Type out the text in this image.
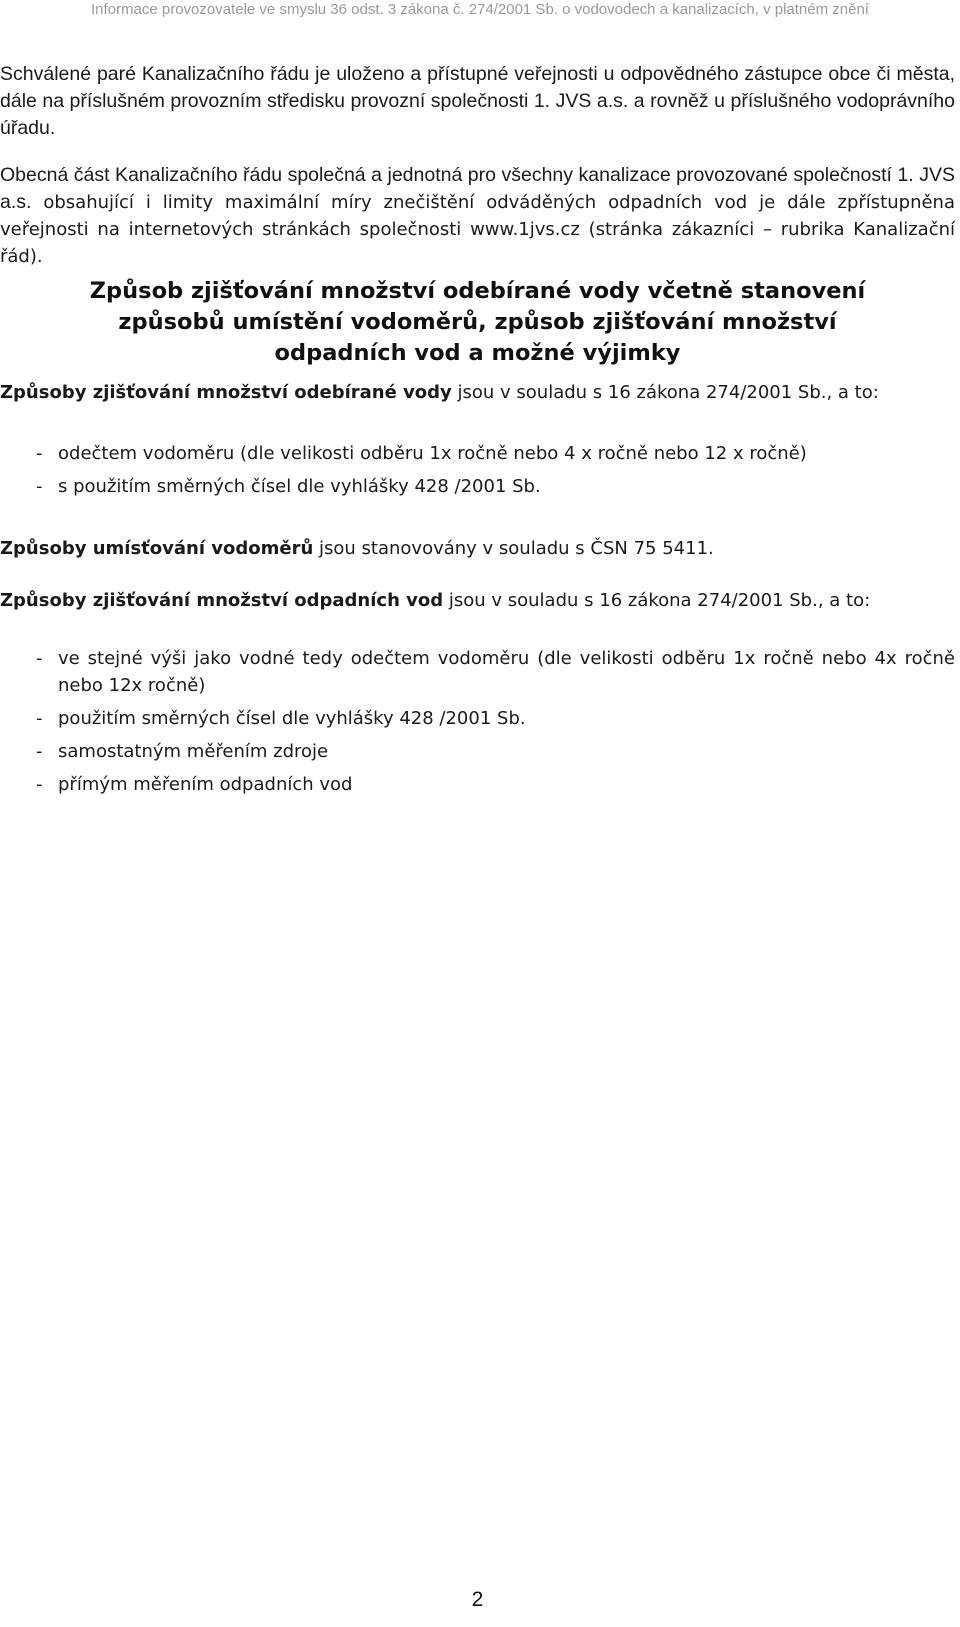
Informace provozovatele ve smyslu 36 odst. 3 zákona č. 274/2001 Sb. o vodovodech a kanalizacích, v platném znění

Schválené paré Kanalizačního řádu je uloženo a přístupné veřejnosti u odpovědného zástupce obce či města, dále na příslušném provozním středisku provozní společnosti 1. JVS a.s. a rovněž u příslušného vodoprávního úřadu.

Obecná část Kanalizačního řádu společná a jednotná pro všechny kanalizace provozované společností 1. JVS a.s. obsahující i limity maximální míry znečištění odváděných odpadních vod je dále zpřístupněna veřejnosti na internetových stránkách společnosti www.1jvs.cz (stránka zákazníci – rubrika Kanalizační řád).

Způsob zjišťování množství odebírané vody včetně stanovení
způsobů umístění vodoměrů, způsob zjišťování množství
odpadních vod a možné výjimky

Způsoby zjišťování množství odebírané vody jsou v souladu s 16 zákona 274/2001 Sb., a to:

- odečtem vodoměru (dle velikosti odběru 1x ročně nebo 4 x ročně nebo 12 x ročně)
- s použitím směrných čísel dle vyhlášky 428 /2001 Sb.

Způsoby umísťování vodoměrů jsou stanovovány v souladu s ČSN 75 5411.

Způsoby zjišťování množství odpadních vod jsou v souladu s 16 zákona 274/2001 Sb., a to:

- ve stejné výši jako vodné tedy odečtem vodoměru (dle velikosti odběru 1x ročně nebo 4x ročně nebo 12x ročně)
- použitím směrných čísel dle vyhlášky 428 /2001 Sb.
- samostatným měřením zdroje
- přímým měřením odpadních vod
2
